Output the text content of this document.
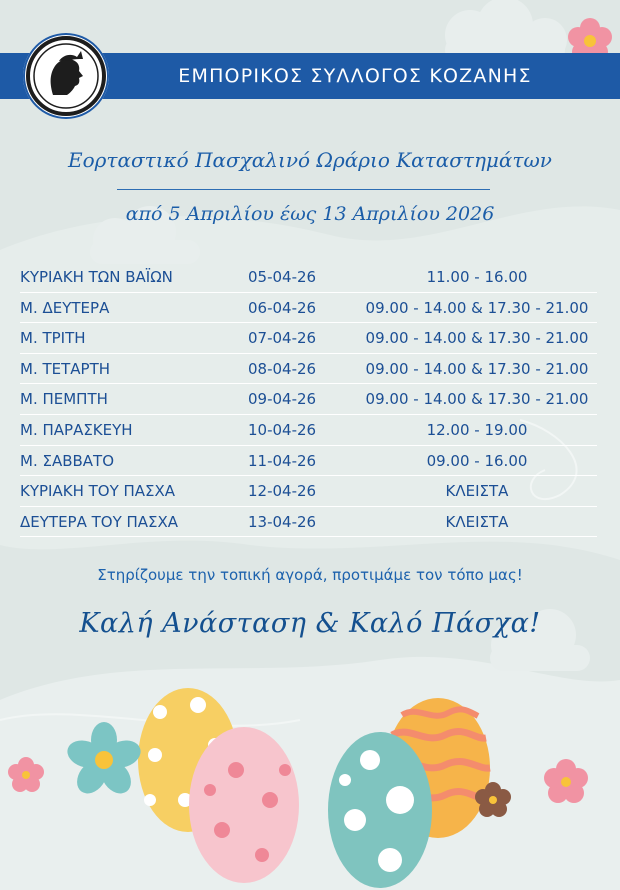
ΕΜΠΟΡΙΚΟΣ ΣΥΛΛΟΓΟΣ ΚΟΖΑΝΗΣ
Εορταστικό Πασχαλινό Ωράριο Καταστημάτων
από 5 Απριλίου έως 13 Απριλίου 2026
ΚΥΡΙΑΚΗ ΤΩΝ ΒΑΪΩΝ	05-04-26	11.00 - 16.00
Μ. ΔΕΥΤΕΡΑ	06-04-26	09.00 - 14.00 & 17.30 - 21.00
Μ. ΤΡΙΤΗ	07-04-26	09.00 - 14.00 & 17.30 - 21.00
Μ. ΤΕΤΑΡΤΗ	08-04-26	09.00 - 14.00 & 17.30 - 21.00
Μ. ΠΕΜΠΤΗ	09-04-26	09.00 - 14.00 & 17.30 - 21.00
Μ. ΠΑΡΑΣΚΕΥΗ	10-04-26	12.00 - 19.00
Μ. ΣΑΒΒΑΤΟ	11-04-26	09.00 - 16.00
ΚΥΡΙΑΚΗ ΤΟΥ ΠΑΣΧΑ	12-04-26	ΚΛΕΙΣΤΑ
ΔΕΥΤΕΡΑ ΤΟΥ ΠΑΣΧΑ	13-04-26	ΚΛΕΙΣΤΑ
Στηρίζουμε την τοπική αγορά, προτιμάμε τον τόπο μας!
Καλή Ανάσταση & Καλό Πάσχα!
